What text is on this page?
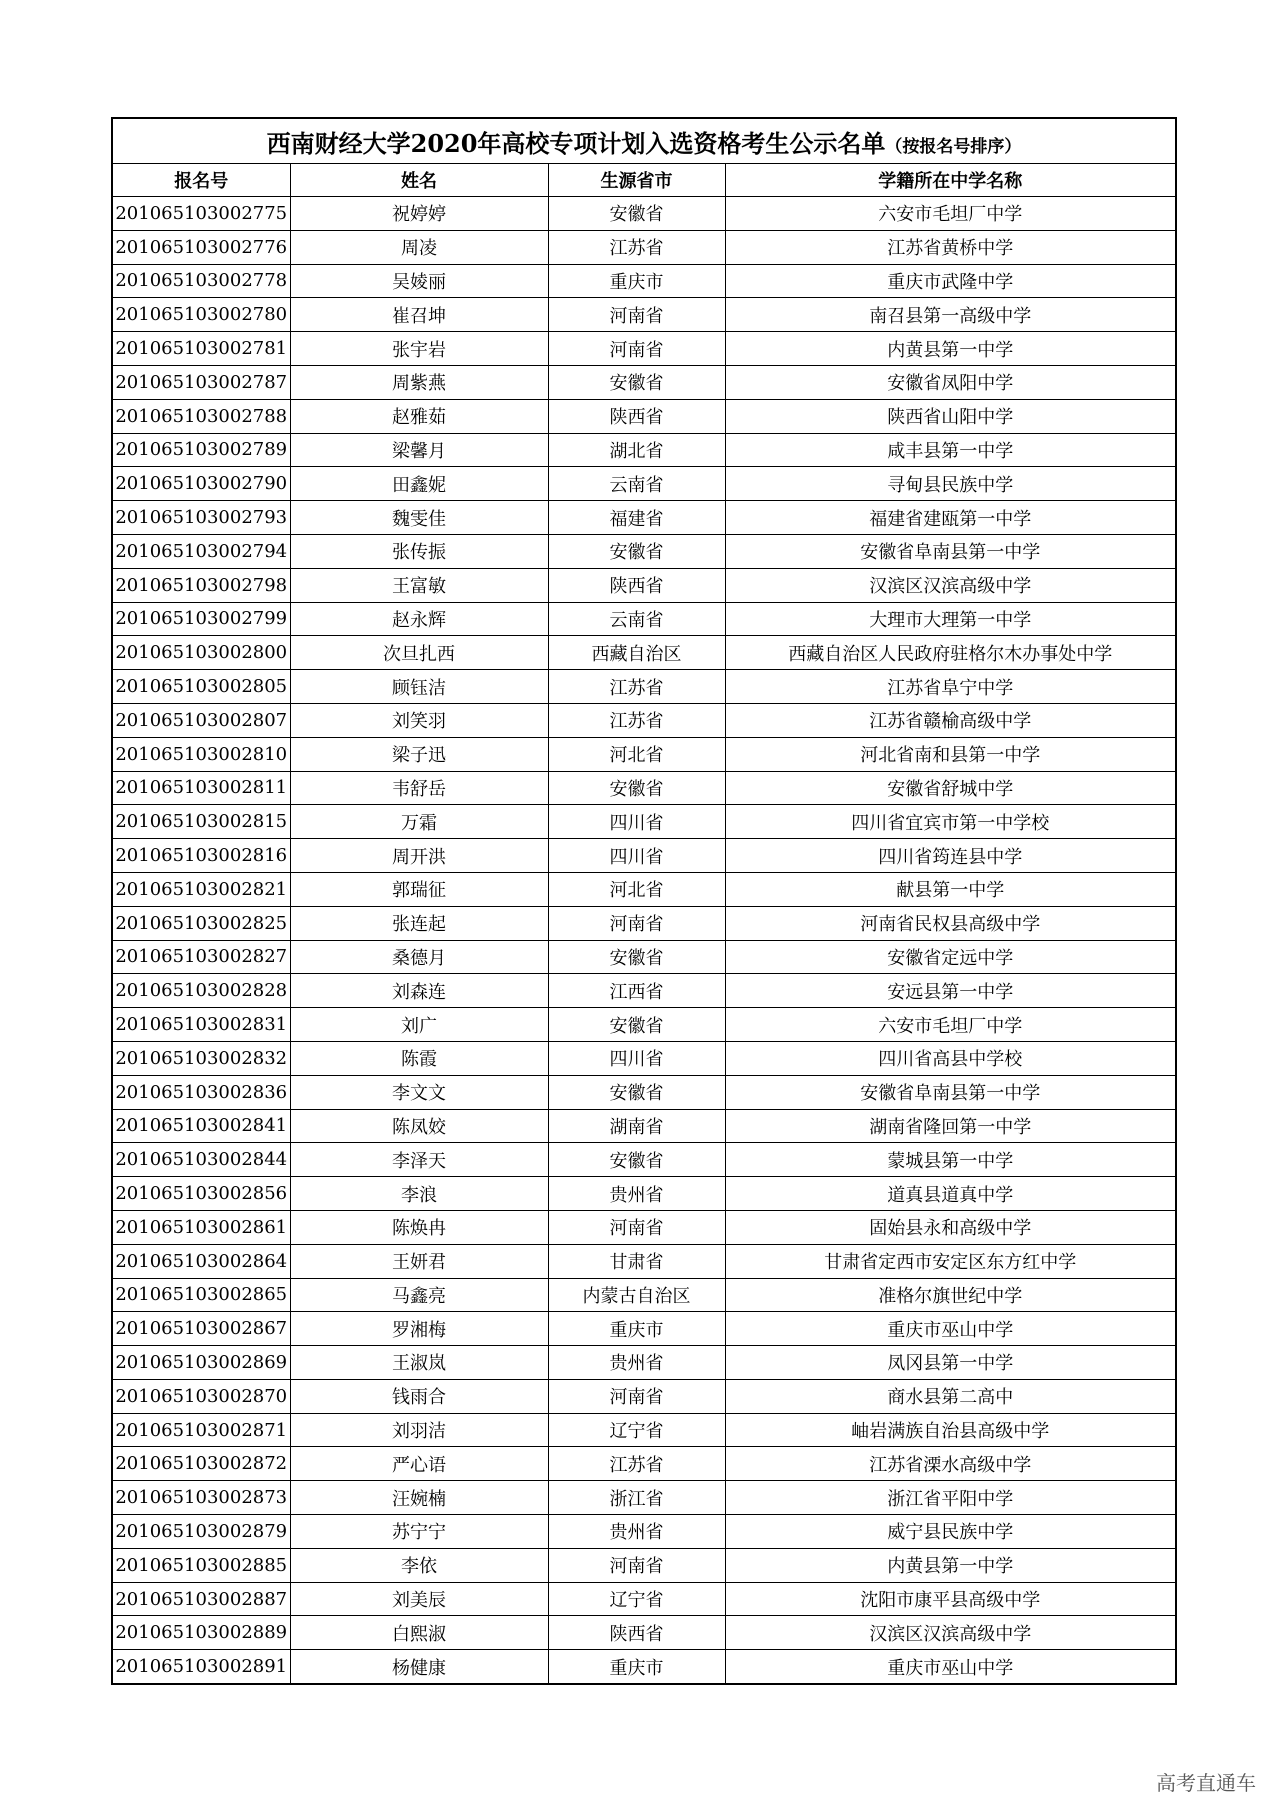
西南财经大学2020年高校专项计划入选资格考生公示名单（按报名号排序）			
报名号	姓名	生源省市	学籍所在中学名称
201065103002775	祝婷婷	安徽省	六安市毛坦厂中学
201065103002776	周凌	江苏省	江苏省黄桥中学
201065103002778	吴婈丽	重庆市	重庆市武隆中学
201065103002780	崔召坤	河南省	南召县第一高级中学
201065103002781	张宇岩	河南省	内黄县第一中学
201065103002787	周紫燕	安徽省	安徽省凤阳中学
201065103002788	赵雅茹	陕西省	陕西省山阳中学
201065103002789	梁馨月	湖北省	咸丰县第一中学
201065103002790	田鑫妮	云南省	寻甸县民族中学
201065103002793	魏雯佳	福建省	福建省建瓯第一中学
201065103002794	张传振	安徽省	安徽省阜南县第一中学
201065103002798	王富敏	陕西省	汉滨区汉滨高级中学
201065103002799	赵永辉	云南省	大理市大理第一中学
201065103002800	次旦扎西	西藏自治区	西藏自治区人民政府驻格尔木办事处中学
201065103002805	顾钰洁	江苏省	江苏省阜宁中学
201065103002807	刘笑羽	江苏省	江苏省赣榆高级中学
201065103002810	梁子迅	河北省	河北省南和县第一中学
201065103002811	韦舒岳	安徽省	安徽省舒城中学
201065103002815	万霜	四川省	四川省宜宾市第一中学校
201065103002816	周开洪	四川省	四川省筠连县中学
201065103002821	郭瑞征	河北省	献县第一中学
201065103002825	张连起	河南省	河南省民权县高级中学
201065103002827	桑德月	安徽省	安徽省定远中学
201065103002828	刘森连	江西省	安远县第一中学
201065103002831	刘广	安徽省	六安市毛坦厂中学
201065103002832	陈霞	四川省	四川省高县中学校
201065103002836	李文文	安徽省	安徽省阜南县第一中学
201065103002841	陈凤姣	湖南省	湖南省隆回第一中学
201065103002844	李泽天	安徽省	蒙城县第一中学
201065103002856	李浪	贵州省	道真县道真中学
201065103002861	陈焕冉	河南省	固始县永和高级中学
201065103002864	王妍君	甘肃省	甘肃省定西市安定区东方红中学
201065103002865	马鑫亮	内蒙古自治区	准格尔旗世纪中学
201065103002867	罗湘梅	重庆市	重庆市巫山中学
201065103002869	王淑岚	贵州省	凤冈县第一中学
201065103002870	钱雨合	河南省	商水县第二高中
201065103002871	刘羽洁	辽宁省	岫岩满族自治县高级中学
201065103002872	严心语	江苏省	江苏省溧水高级中学
201065103002873	汪婉楠	浙江省	浙江省平阳中学
201065103002879	苏宁宁	贵州省	威宁县民族中学
201065103002885	李依	河南省	内黄县第一中学
201065103002887	刘美辰	辽宁省	沈阳市康平县高级中学
201065103002889	白熙淑	陕西省	汉滨区汉滨高级中学
201065103002891	杨健康	重庆市	重庆市巫山中学
高考直通车
